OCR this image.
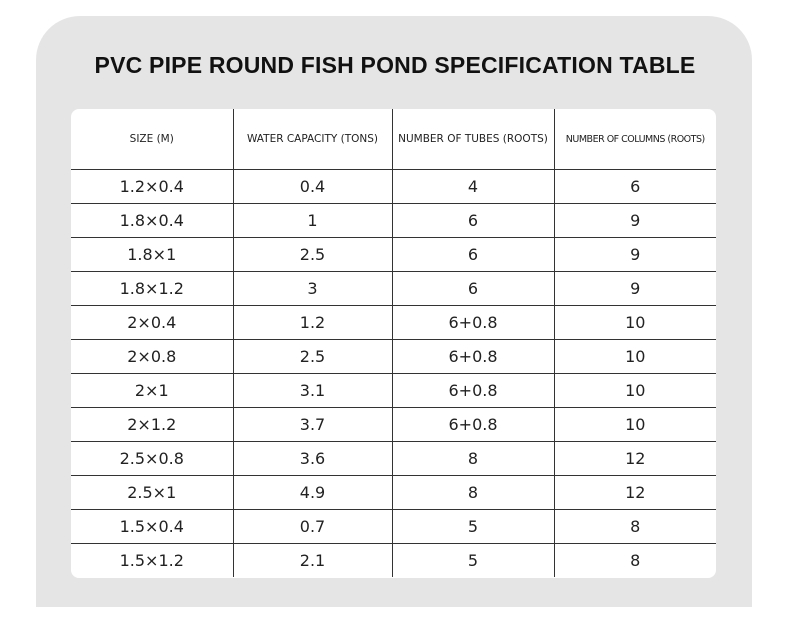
PVC PIPE ROUND FISH POND SPECIFICATION TABLE
SIZE (M)	WATER CAPACITY (TONS)	NUMBER OF TUBES (ROOTS)	NUMBER OF COLUMNS (ROOTS)
1.2×0.4	0.4	4	6
1.8×0.4	1	6	9
1.8×1	2.5	6	9
1.8×1.2	3	6	9
2×0.4	1.2	6+0.8	10
2×0.8	2.5	6+0.8	10
2×1	3.1	6+0.8	10
2×1.2	3.7	6+0.8	10
2.5×0.8	3.6	8	12
2.5×1	4.9	8	12
1.5×0.4	0.7	5	8
1.5×1.2	2.1	5	8
